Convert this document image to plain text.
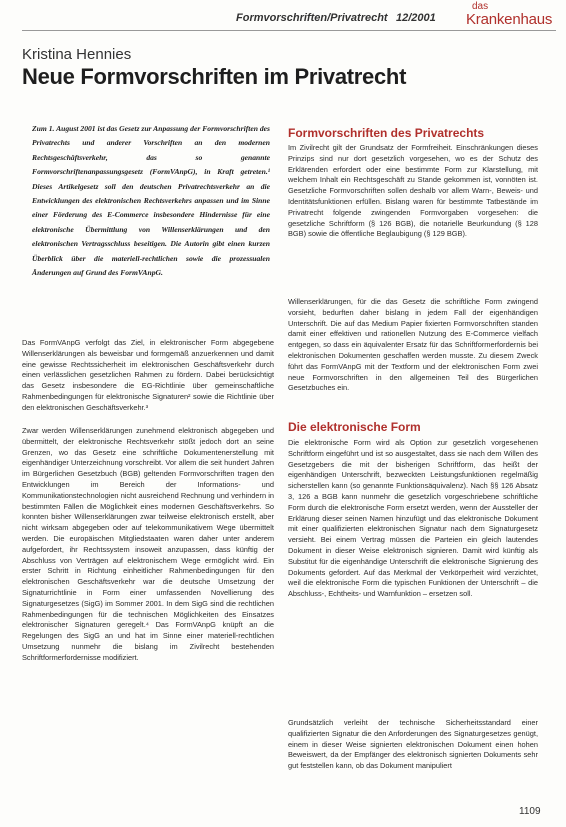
Formvorschriften/Privatrecht 12/2001
das
Krankenhaus
Kristina Hennies
Neue Formvorschriften im Privatrecht

Zum 1. August 2001 ist das Gesetz zur Anpassung der Formvorschriften des Privatrechts und anderer Vorschriften an den modernen Rechtsgeschäftsverkehr, das so genannte Formvorschriftenanpassungsgesetz (FormVAnpG), in Kraft getreten.¹ Dieses Artikelgesetz soll den deutschen Privatrechtsverkehr an die Entwicklungen des elektronischen Rechtsverkehrs anpassen und im Sinne einer Förderung des E-Commerce insbesondere Hindernisse für eine elektronische Übermittlung von Willenserklärungen und den elektronischen Vertragsschluss beseitigen. Die Autorin gibt einen kurzen Überblick über die materiell-rechtlichen sowie die prozessualen Änderungen auf Grund des FormVAnpG.

Das FormVAnpG verfolgt das Ziel, in elektronischer Form abgegebene Willenserklärungen als beweisbar und formgemäß anzuerkennen und damit eine gewisse Rechtssicherheit im elektronischen Geschäftsverkehr durch einen verlässlichen gesetzlichen Rahmen zu fördern. Dabei berücksichtigt das Gesetz insbesondere die EG-Richtlinie über gemeinschaftliche Rahmenbedingungen für elektronische Signaturen² sowie die Richtlinie über den elektronischen Geschäftsverkehr.³

Zwar werden Willenserklärungen zunehmend elektronisch abgegeben und übermittelt, der elektronische Rechtsverkehr stößt jedoch dort an seine Grenzen, wo das Gesetz eine schriftliche Dokumentenerstellung mit eigenhändiger Unterzeichnung vorschreibt. Vor allem die seit hundert Jahren im Bürgerlichen Gesetzbuch (BGB) geltenden Formvorschriften tragen den Entwicklungen im Bereich der Informations- und Kommunikationstechnologien nicht ausreichend Rechnung und verhindern in bestimmten Fällen die Möglichkeit eines modernen Geschäftsverkehrs. So konnten bisher Willenserklärungen zwar teilweise elektronisch erstellt, aber nicht wirksam abgegeben oder auf telekommunikativem Wege übermittelt werden. Die europäischen Mitgliedstaaten waren daher unter anderem aufgefordert, ihr Rechtssystem insoweit anzupassen, dass künftig der Abschluss von Verträgen auf elektronischem Wege ermöglicht wird. Ein erster Schritt in Richtung einheitlicher Rahmenbedingungen für den elektronischen Geschäftsverkehr war die deutsche Umsetzung der Signaturrichtlinie in Form einer umfassenden Novellierung des Signaturgesetzes (SigG) im Sommer 2001. In dem SigG sind die rechtlichen Rahmenbedingungen für die technischen Möglichkeiten des Einsatzes elektronischer Signaturen geregelt.⁴ Das FormVAnpG knüpft an die Regelungen des SigG an und hat im Sinne einer materiell-rechtlichen Umsetzung nunmehr die bislang im Zivilrecht bestehenden Schriftformerfordernisse modifiziert.

Formvorschriften des Privatrechts

Im Zivilrecht gilt der Grundsatz der Formfreiheit. Einschränkungen dieses Prinzips sind nur dort gesetzlich vorgesehen, wo es der Schutz des Erklärenden erfordert oder eine bestimmte Form zur Klarstellung, mit welchem Inhalt ein Rechtsgeschäft zu Stande gekommen ist, vonnöten ist. Gesetzliche Formvorschriften sollen deshalb vor allem Warn-, Beweis- und Identitätsfunktionen erfüllen. Bislang waren für bestimmte Tatbestände im Privatrecht folgende zwingenden Formvorgaben vorgesehen: die gesetzliche Schriftform (§ 126 BGB), die notarielle Beurkundung (§ 128 BGB) sowie die öffentliche Beglaubigung (§ 129 BGB).

Willenserklärungen, für die das Gesetz die schriftliche Form zwingend vorsieht, bedurften daher bislang in jedem Fall der eigenhändigen Unterschrift. Die auf das Medium Papier fixierten Formvorschriften standen damit einer effektiven und rationellen Nutzung des E-Commerce vielfach entgegen, so dass ein äquivalenter Ersatz für das Schriftformerfordernis bei elektronischen Dokumenten geschaffen werden musste. Zu diesem Zweck führt das FormVAnpG mit der Textform und der elektronischen Form zwei neue Formvorschriften in den allgemeinen Teil des Bürgerlichen Gesetzbuches ein.

Die elektronische Form

Die elektronische Form wird als Option zur gesetzlich vorgesehenen Schriftform eingeführt und ist so ausgestaltet, dass sie nach dem Willen des Gesetzgebers die mit der bisherigen Schriftform, das heißt der eigenhändigen Unterschrift, bezweckten Leistungsfunktionen regelmäßig sicherstellen kann (so genannte Funktionsäquivalenz). Nach §§ 126 Absatz 3, 126 a BGB kann nunmehr die gesetzlich vorgeschriebene schriftliche Form durch die elektronische Form ersetzt werden, wenn der Aussteller der Erklärung dieser seinen Namen hinzufügt und das elektronische Dokument mit einer qualifizierten elektronischen Signatur nach dem Signaturgesetz versieht. Bei einem Vertrag müssen die Parteien ein gleich lautendes Dokument in dieser Weise elektronisch signieren. Damit wird künftig als Substitut für die eigenhändige Unterschrift die elektronische Signierung des Dokuments gefordert. Auf das Merkmal der Verkörperheit wird verzichtet, weil die elektronische Form die typischen Funktionen der Unterschrift – die Abschluss-, Echtheits- und Warnfunktion – ersetzen soll.

Grundsätzlich verleiht der technische Sicherheitsstandard einer qualifizierten Signatur die den Anforderungen des Signaturgesetzes genügt, einem in dieser Weise signierten elektronischen Dokument einen hohen Beweiswert, da der Empfänger des elektronisch signierten Dokuments sehr gut feststellen kann, ob das Dokument manipuliert

1109
